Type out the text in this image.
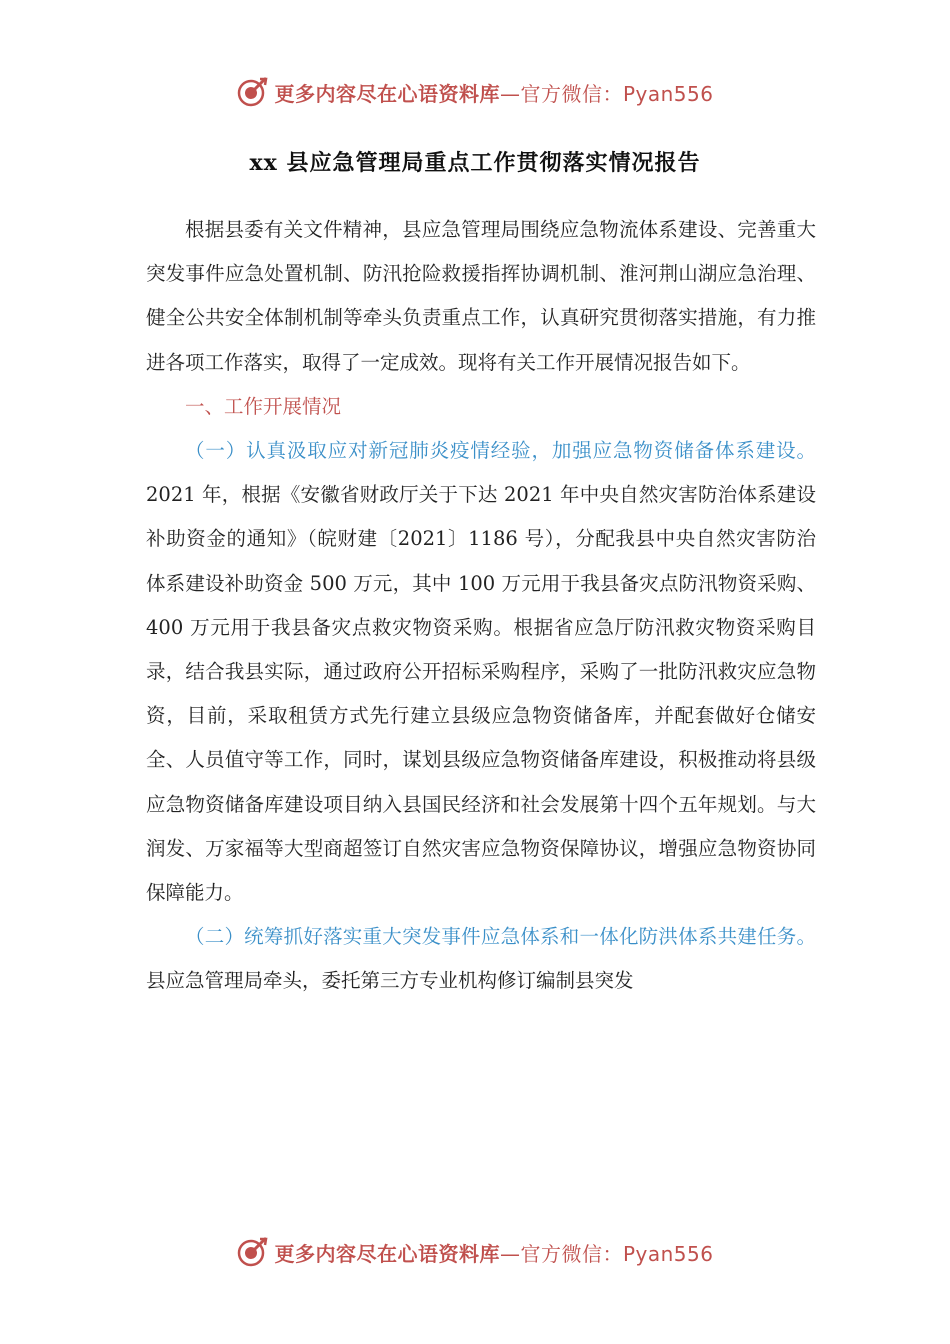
更多内容尽在心语资料库—官方微信：Pyan556
xx 县应急管理局重点工作贯彻落实情况报告

根据县委有关文件精神，县应急管理局围绕应急物流体系建设、完善重大突发事件应急处置机制、防汛抢险救援指挥协调机制、淮河荆山湖应急治理、健全公共安全体制机制等牵头负责重点工作，认真研究贯彻落实措施，有力推进各项工作落实，取得了一定成效。现将有关工作开展情况报告如下。

一、工作开展情况

（一）认真汲取应对新冠肺炎疫情经验，加强应急物资储备体系建设。2021 年，根据《安徽省财政厅关于下达 2021 年中央自然灾害防治体系建设补助资金的通知》（皖财建〔2021〕1186 号），分配我县中央自然灾害防治体系建设补助资金 500 万元，其中 100 万元用于我县备灾点防汛物资采购、400 万元用于我县备灾点救灾物资采购。根据省应急厅防汛救灾物资采购目录，结合我县实际，通过政府公开招标采购程序，采购了一批防汛救灾应急物资，目前，采取租赁方式先行建立县级应急物资储备库，并配套做好仓储安全、人员值守等工作，同时，谋划县级应急物资储备库建设，积极推动将县级应急物资储备库建设项目纳入县国民经济和社会发展第十四个五年规划。与大润发、万家福等大型商超签订自然灾害应急物资保障协议，增强应急物资协同保障能力。

（二）统筹抓好落实重大突发事件应急体系和一体化防洪体系共建任务。县应急管理局牵头，委托第三方专业机构修订编制县突发

更多内容尽在心语资料库—官方微信：Pyan556
